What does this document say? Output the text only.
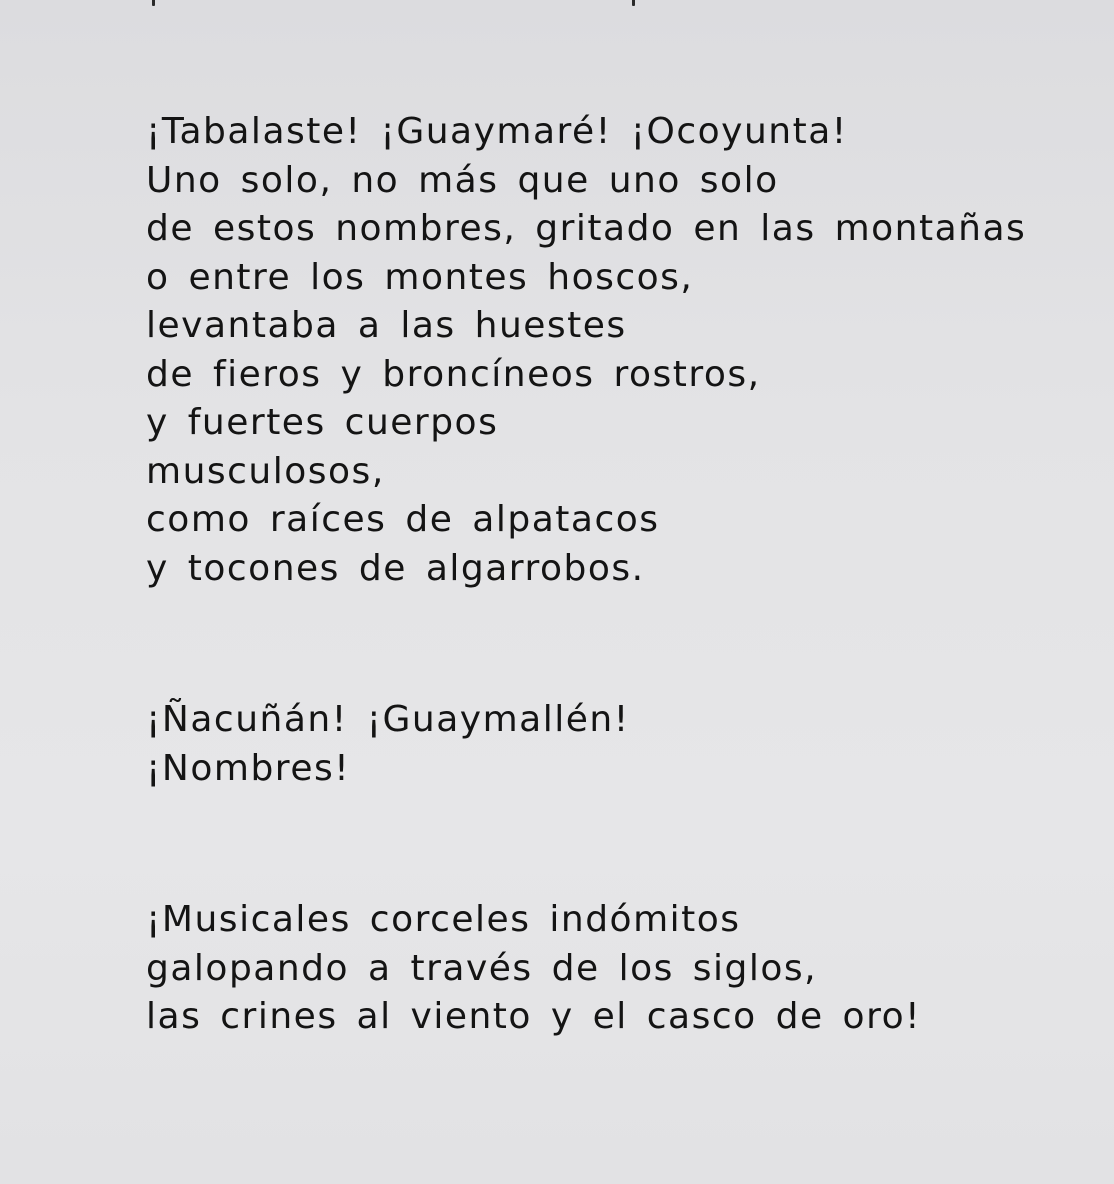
¡Tabalaste! ¡Guaymaré! ¡Ocoyunta!
Uno solo, no más que uno solo
de estos nombres, gritado en las montañas
o entre los montes hoscos,
levantaba a las huestes
de fieros y broncíneos rostros,
y fuertes cuerpos
musculosos,
como raíces de alpatacos
y tocones de algarrobos.
¡Ñacuñán! ¡Guaymallén!
¡Nombres!
¡Musicales corceles indómitos
galopando a través de los siglos,
las crines al viento y el casco de oro!
